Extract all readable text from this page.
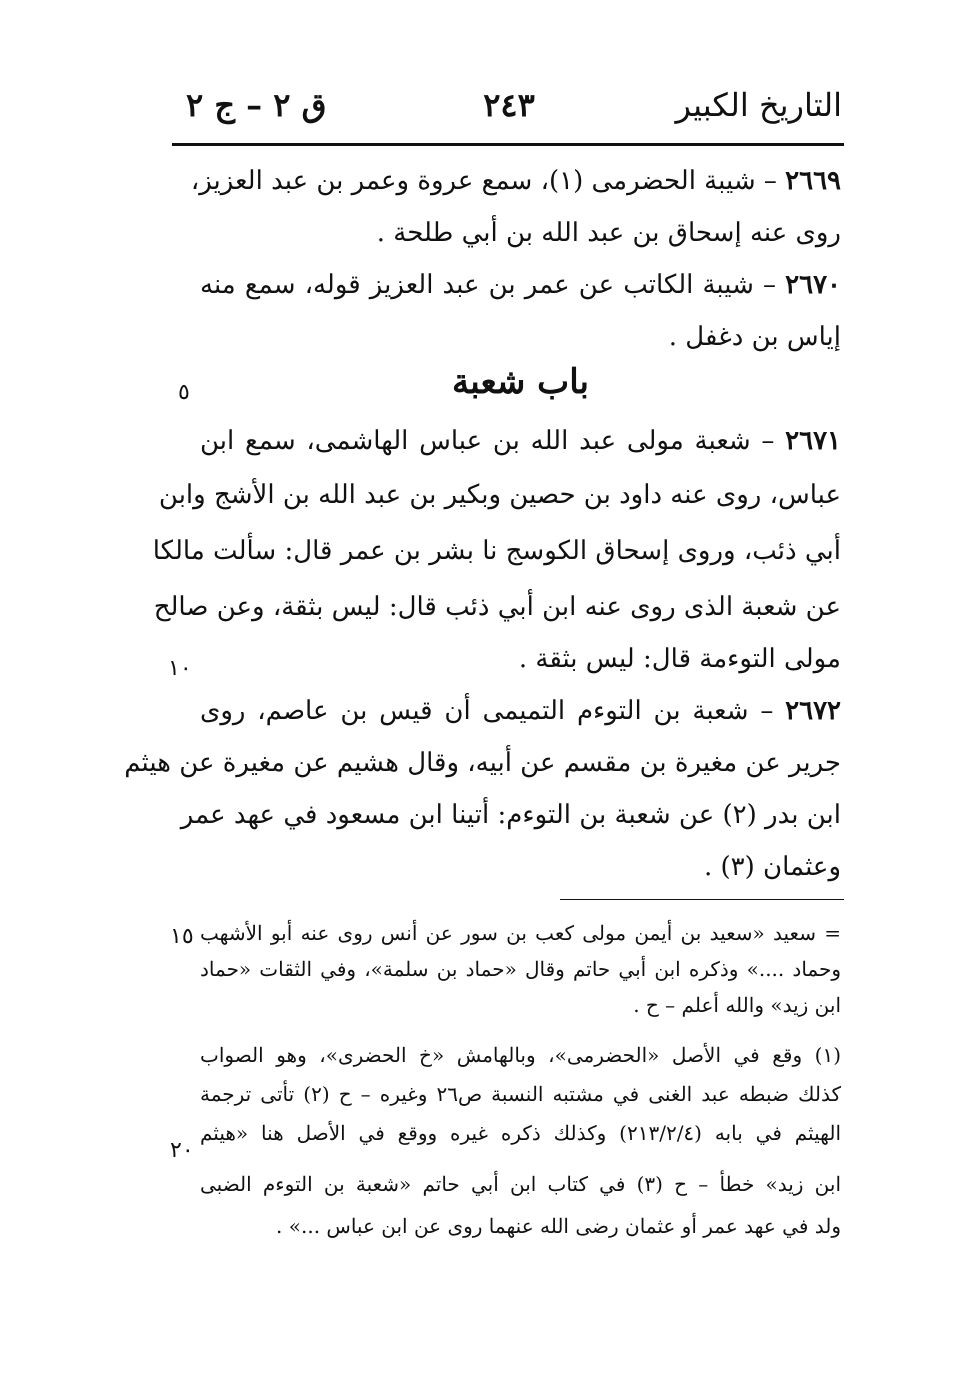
التاريخ الكبير
٢٤٣
ق ٢ – ج ٢
٢٦٦٩ – شيبة الحضرمى (١)، سمع عروة وعمر بن عبد العزيز،
روى عنه إسحاق بن عبد الله بن أبي طلحة .
٢٦٧٠ – شيبة الكاتب عن عمر بن عبد العزيز قوله، سمع منه
إياس بن دغفل .
باب شعبة
٥
٢٦٧١ – شعبة مولى عبد الله بن عباس الهاشمى، سمع ابن
عباس، روى عنه داود بن حصين وبكير بن عبد الله بن الأشج وابن
أبي ذئب، وروى إسحاق الكوسج نا بشر بن عمر قال: سألت مالكا
عن شعبة الذى روى عنه ابن أبي ذئب قال: ليس بثقة، وعن صالح
مولى التوءمة قال: ليس بثقة .
١٠
٢٦٧٢ – شعبة بن التوءم التميمى أن قيس بن عاصم، روى
جرير عن مغيرة بن مقسم عن أبيه، وقال هشيم عن مغيرة عن هيثم
ابن بدر (٢) عن شعبة بن التوءم: أتينا ابن مسعود في عهد عمر
وعثمان (٣) .
١٥
٢٠
= سعيد «سعيد بن أيمن مولى كعب بن سور عن أنس روى عنه أبو الأشهب
وحماد ....» وذكره ابن أبي حاتم وقال «حماد بن سلمة»، وفي الثقات «حماد
ابن زيد» والله أعلم – ح .
(١) وقع في الأصل «الحضرمى»، وبالهامش «خ الحضرى»، وهو الصواب
كذلك ضبطه عبد الغنى في مشتبه النسبة ص٢٦ وغيره – ح (٢) تأتى ترجمة
الهيثم في بابه (٢١٣/٢/٤) وكذلك ذكره غيره ووقع في الأصل هنا «هيثم
ابن زيد» خطأ – ح (٣) في كتاب ابن أبي حاتم «شعبة بن التوءم الضبى
ولد في عهد عمر أو عثمان رضى الله عنهما روى عن ابن عباس ...» .
